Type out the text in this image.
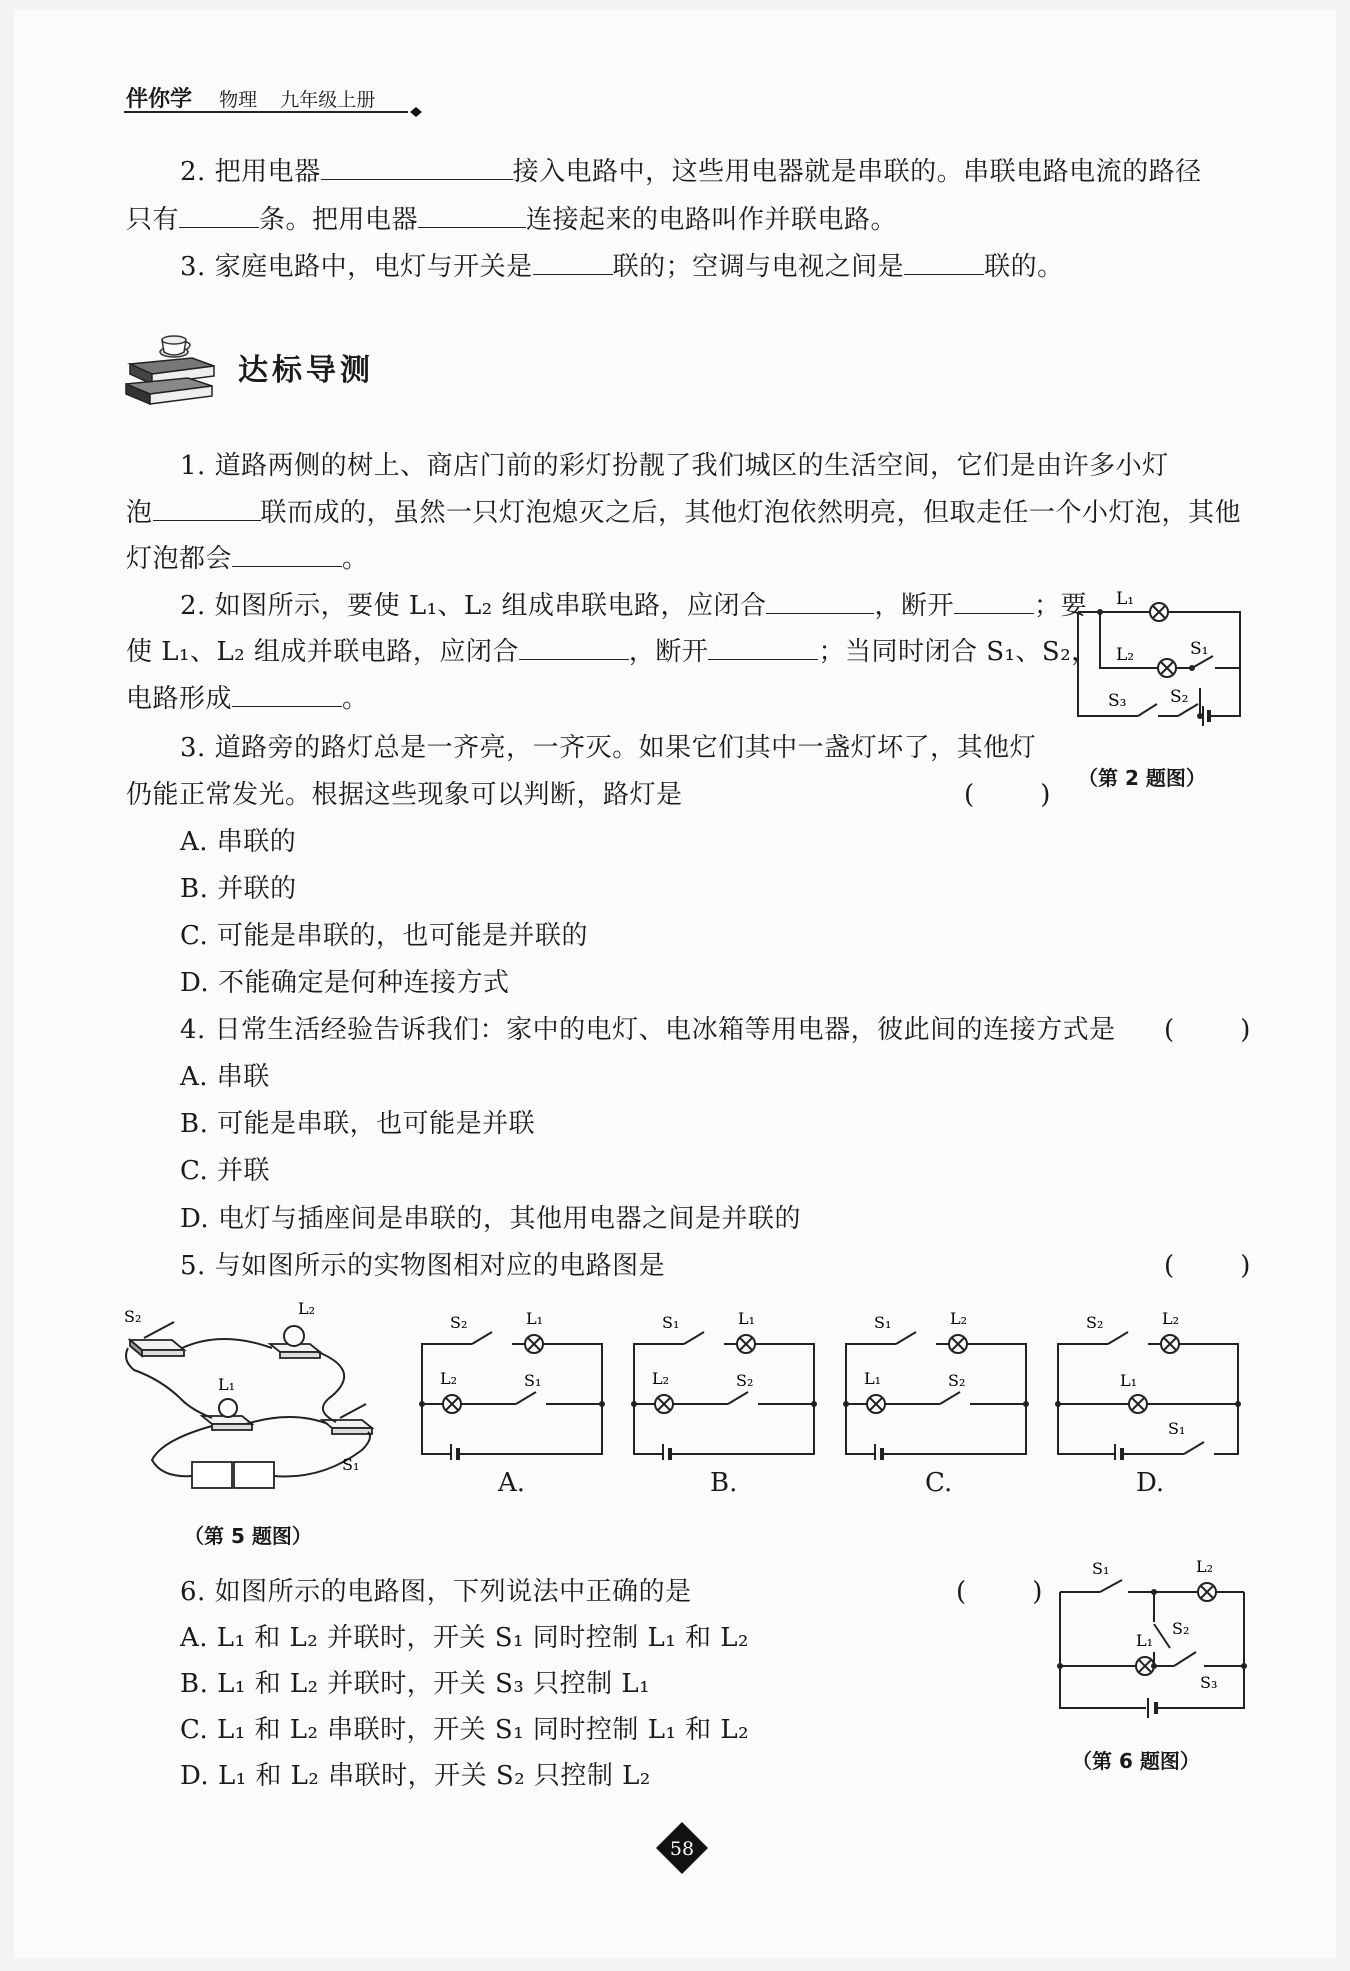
伴你学 物理 九年级上册
2. 把用电器	接入电路中，这些用电器就是串联的。串联电路电流的路径
只有	条。把用电器	连接起来的电路叫作并联电路。
3. 家庭电路中，电灯与开关是	联的；空调与电视之间是	联的。
达标导测
1. 道路两侧的树上、商店门前的彩灯扮靓了我们城区的生活空间，它们是由许多小灯
泡	联而成的，虽然一只灯泡熄灭之后，其他灯泡依然明亮，但取走任一个小灯泡，其他
灯泡都会	。
2. 如图所示，要使 L₁、L₂ 组成串联电路，应闭合	，断开	；要
使 L₁、L₂ 组成并联电路，应闭合	，断开	；当同时闭合 S₁、S₂，
电路形成	。
L₁
L₂	S₁
S₂
S₃
（第 2 题图）
3. 道路旁的路灯总是一齐亮，一齐灭。如果它们其中一盏灯坏了，其他灯
仍能正常发光。根据这些现象可以判断，路灯是	(        )
A. 串联的
B. 并联的
C. 可能是串联的，也可能是并联的
D. 不能确定是何种连接方式
4. 日常生活经验告诉我们：家中的电灯、电冰箱等用电器，彼此间的连接方式是 (        )
A. 串联
B. 可能是串联，也可能是并联
C. 并联
D. 电灯与插座间是串联的，其他用电器之间是并联的
5. 与如图所示的实物图相对应的电路图是	(        )
S₂	L₂
L₁
S₁
（第 5 题图）
S₂	L₁
L₂	S₁
A.
S₁	L₁
L₂	S₂
B.
S₁	L₂
L₁	S₂
C.
S₂	L₂
L₁
S₁
D.
6. 如图所示的电路图，下列说法中正确的是	(        )
A. L₁ 和 L₂ 并联时，开关 S₁ 同时控制 L₁ 和 L₂
B. L₁ 和 L₂ 并联时，开关 S₃ 只控制 L₁
C. L₁ 和 L₂ 串联时，开关 S₁ 同时控制 L₁ 和 L₂
D. L₁ 和 L₂ 串联时，开关 S₂ 只控制 L₂
S₁	L₂
S₂
L₁
S₃
（第 6 题图）
58
